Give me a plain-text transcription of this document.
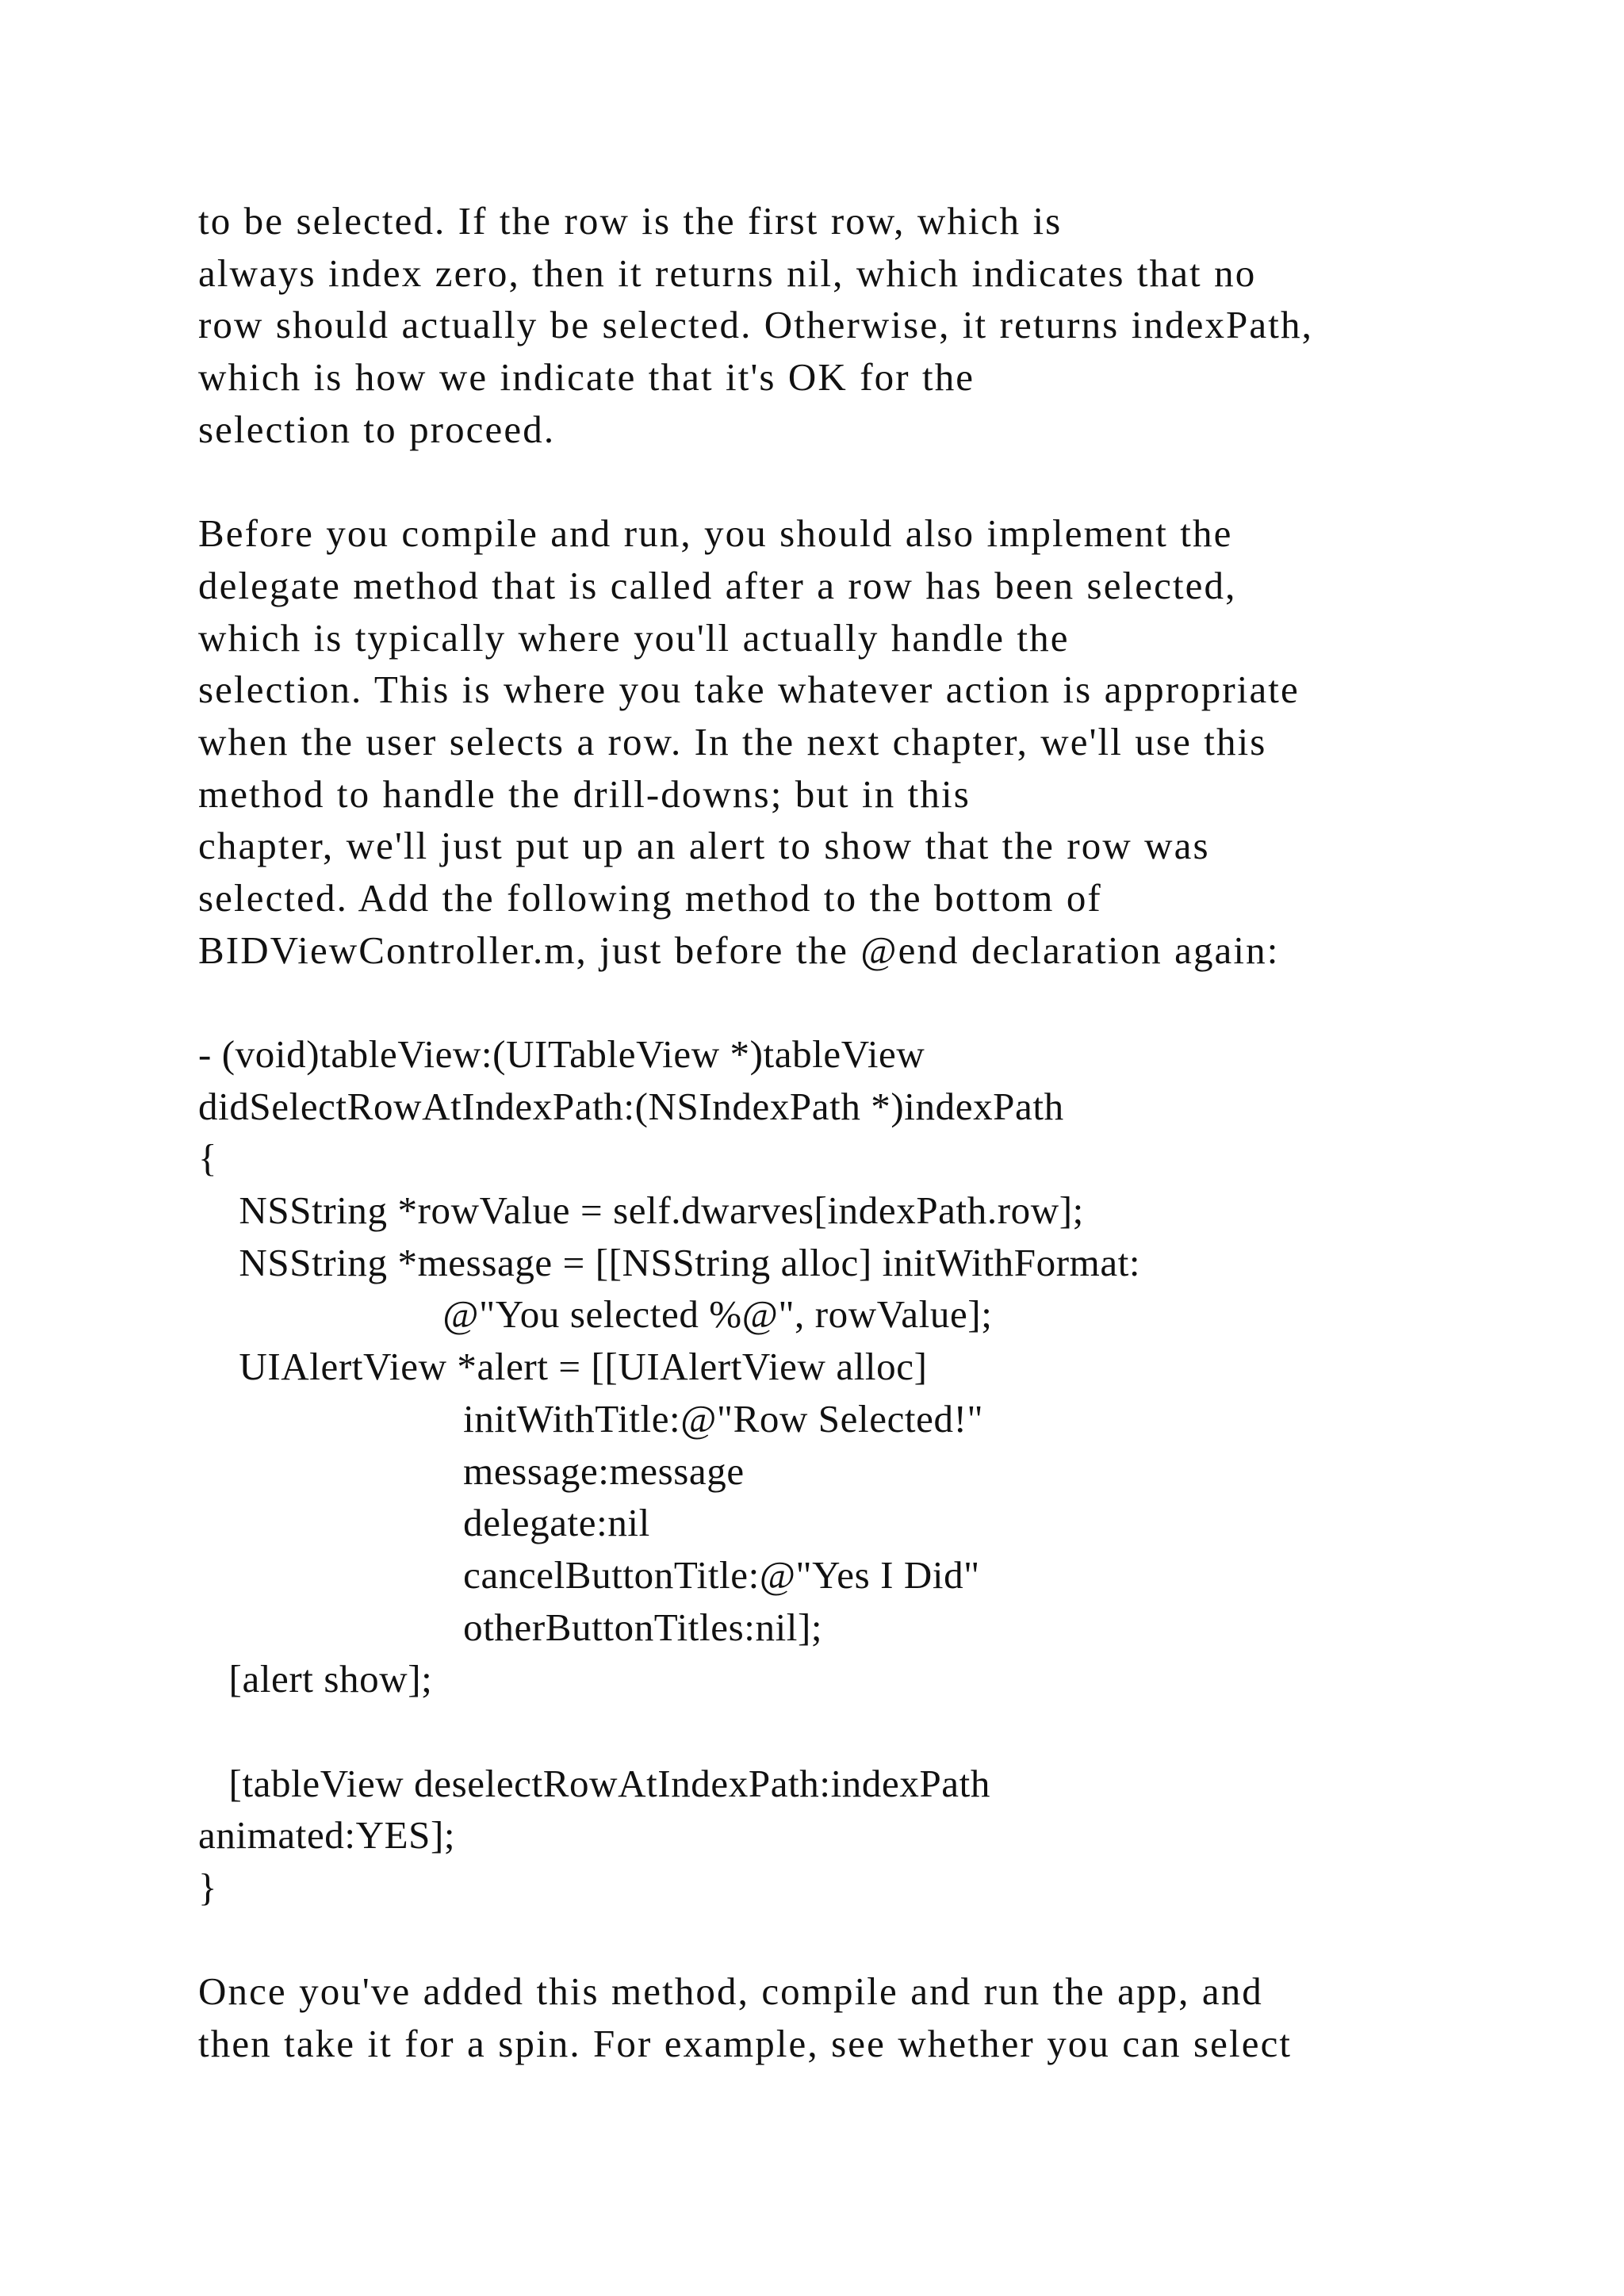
to be selected. If the row is the first row, which is
always index zero, then it returns nil, which indicates that no
row should actually be selected. Otherwise, it returns indexPath,
which is how we indicate that it's OK for the
selection to proceed.
Before you compile and run, you should also implement the
delegate method that is called after a row has been selected,
which is typically where you'll actually handle the
selection. This is where you take whatever action is appropriate
when the user selects a row. In the next chapter, we'll use this
method to handle the drill-downs; but in this
chapter, we'll just put up an alert to show that the row was
selected. Add the following method to the bottom of
BIDViewController.m, just before the @end declaration again:
- (void)tableView:(UITableView *)tableView
didSelectRowAtIndexPath:(NSIndexPath *)indexPath
{
NSString *rowValue = self.dwarves[indexPath.row];
NSString *message = [[NSString alloc] initWithFormat:
@"You selected %@", rowValue];
UIAlertView *alert = [[UIAlertView alloc]
initWithTitle:@"Row Selected!"
message:message
delegate:nil
cancelButtonTitle:@"Yes I Did"
otherButtonTitles:nil];
[alert show];
[tableView deselectRowAtIndexPath:indexPath
animated:YES];
}
Once you've added this method, compile and run the app, and
then take it for a spin. For example, see whether you can select
